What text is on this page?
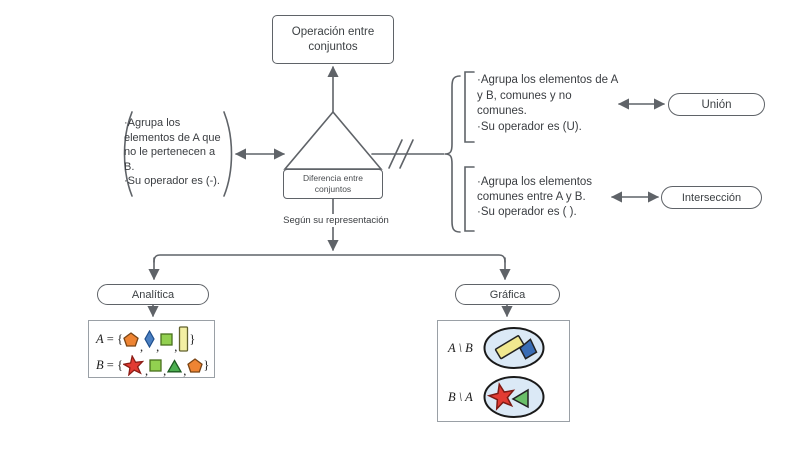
Operación entre
conjuntos
Diferencia entre
conjuntos
·Agrupa los
elementos de A que
no le pertenecen a
B.
·Su operador es (-).
·Agrupa los elementos de A
y B, comunes y no
comunes.
·Su operador es (U).
·Agrupa los elementos
comunes entre A y B.
·Su operador es ( ).
Unión
Intersección
Analítica	Gráfica
Según su representación
A = {
, , ,
}
B = { , , , }
A \ B
B \ A
